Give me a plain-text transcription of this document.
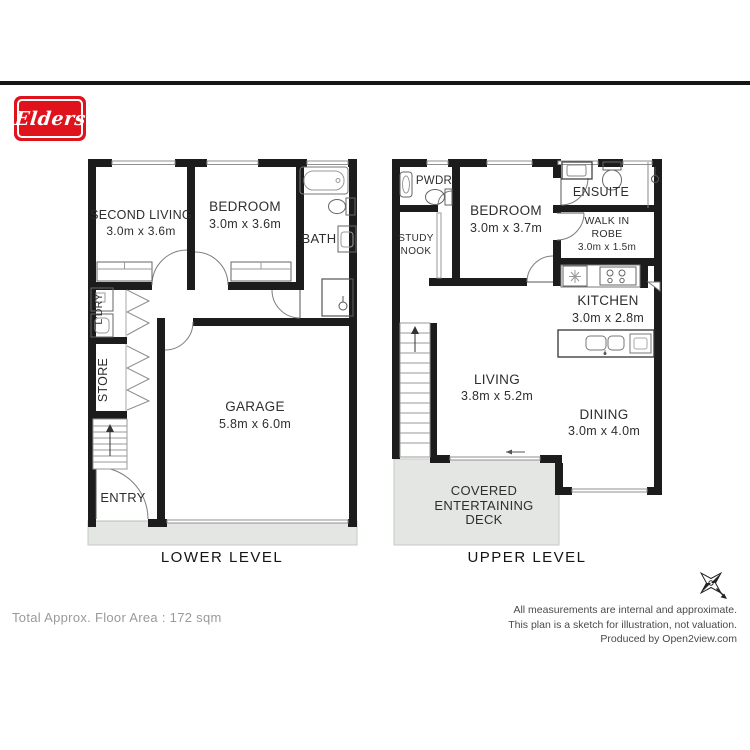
Elders
SECOND LIVING
3.0m x 3.6m
BEDROOM
3.0m x 3.6m
BATH
L'DRY
STORE
ENTRY
GARAGE
5.8m x 6.0m
PWDR
BEDROOM
3.0m x 3.7m
ENSUITE
WALK IN
ROBE
3.0m x 1.5m
STUDY
NOOK
KITCHEN
3.0m x 2.8m
LIVING
3.8m x 5.2m
DINING
3.0m x 4.0m
COVERED
ENTERTAINING
DECK
LOWER LEVEL	UPPER LEVEL
Total Approx. Floor Area : 172 sqm	All measurements are internal and approximate.
This plan is a sketch for illustration, not valuation.
Produced by Open2view.com
